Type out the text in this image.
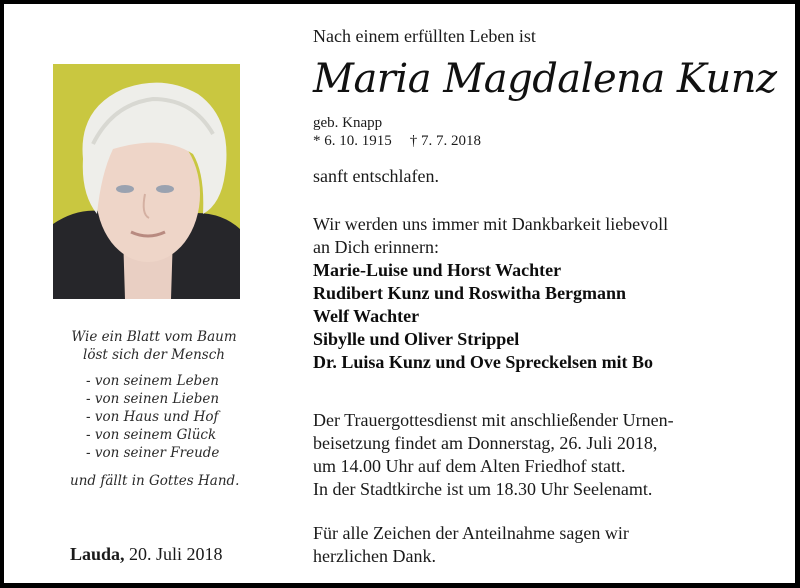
Wie ein Blatt vom Baum
löst sich der Mensch
- von seinem Leben
- von seinen Lieben
- von Haus und Hof
- von seinem Glück
- von seiner Freude
und fällt in Gottes Hand.
Lauda, 20. Juli 2018
Nach einem erfüllten Leben ist
Maria Magdalena Kunz
geb. Knapp
* 6. 10. 1915 † 7. 7. 2018
sanft entschlafen.
Wir werden uns immer mit Dankbarkeit liebevoll
an Dich erinnern:
Marie-Luise und Horst Wachter
Rudibert Kunz und Roswitha Bergmann
Welf Wachter
Sibylle und Oliver Strippel
Dr. Luisa Kunz und Ove Spreckelsen mit Bo
Der Trauergottesdienst mit anschließender Urnen-
beisetzung findet am Donnerstag, 26. Juli 2018,
um 14.00 Uhr auf dem Alten Friedhof statt.
In der Stadtkirche ist um 18.30 Uhr Seelenamt.
Für alle Zeichen der Anteilnahme sagen wir
herzlichen Dank.
